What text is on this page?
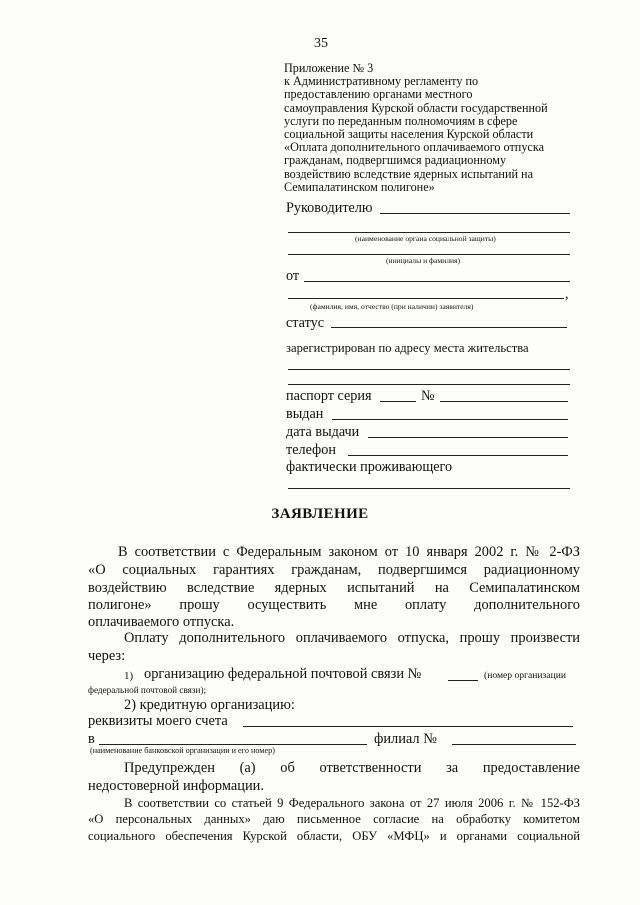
35
Приложение № 3
к Административному регламенту по
предоставлению органами местного
самоуправления Курской области государственной
услуги по переданным полномочиям в сфере
социальной защиты населения Курской области
«Оплата дополнительного оплачиваемого отпуска
гражданам, подвергшимся радиационному
воздействию вследствие ядерных испытаний на
Семипалатинском полигоне»
Руководителю
(наименование органа социальной защиты)
(инициалы и фамилия)
от
,
(фамилия, имя, отчество (при наличии) заявителя)
статус
зарегистрирован по адресу места жительства
паспорт серия	№
выдан
дата выдачи
телефон
фактически проживающего
ЗАЯВЛЕНИЕ
В соответствии с Федеральным законом от 10 января 2002 г. № 2-ФЗ
«О социальных гарантиях гражданам, подвергшимся радиационному
воздействию вследствие ядерных испытаний на Семипалатинском
полигоне» прошу осуществить мне оплату дополнительного
оплачиваемого отпуска.
Оплату дополнительного оплачиваемого отпуска, прошу произвести
через:
1) организацию федеральной почтовой связи №	(номер организации
федеральной почтовой связи);
2) кредитную организацию:
реквизиты моего счета
в	филиал №
(наименование банковской организации и его номер)
Предупрежден (а) об ответственности за предоставление
недостоверной информации.
В соответствии со статьей 9 Федерального закона от 27 июля 2006 г. № 152-ФЗ
«О персональных данных» даю письменное согласие на обработку комитетом
социального обеспечения Курской области, ОБУ «МФЦ» и органами социальной
